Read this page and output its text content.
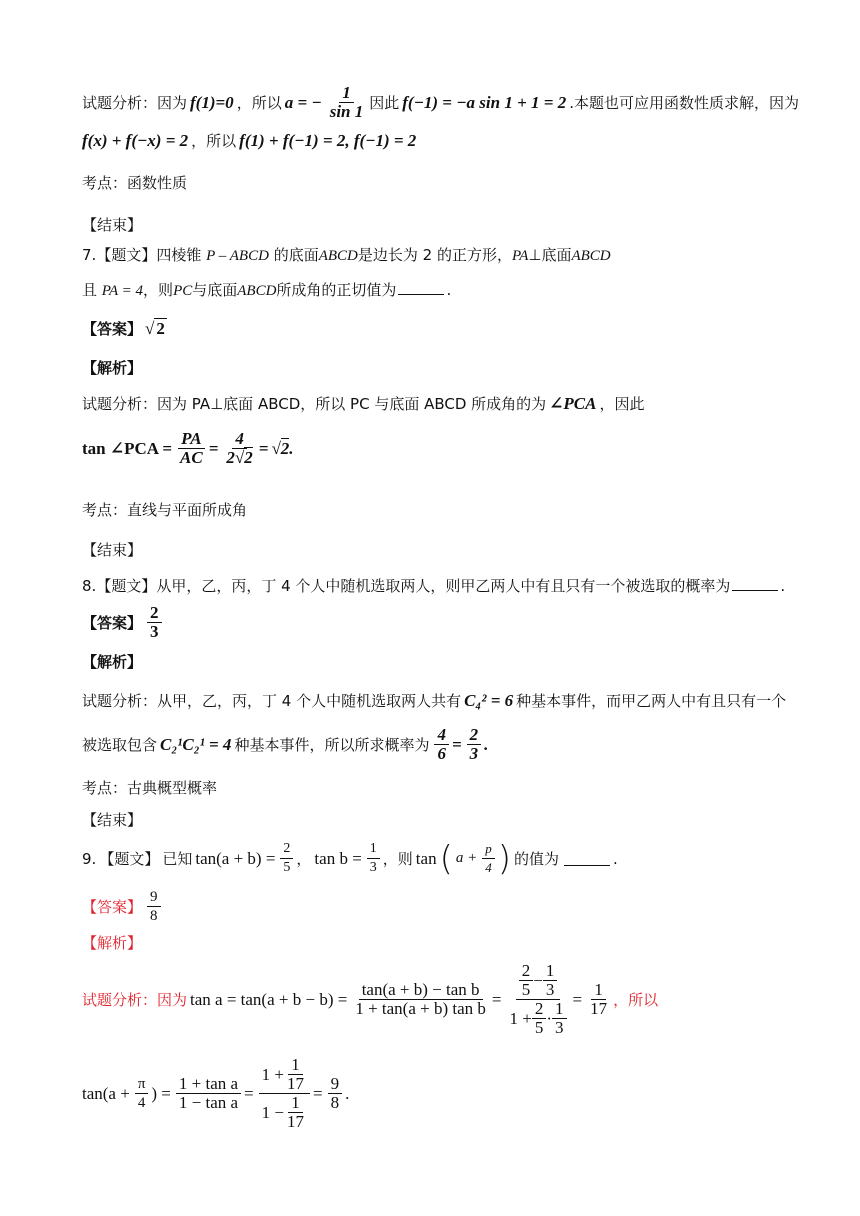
试题分析：因为 f(1)=0 ，所以 a = − $\frac{1}{\sin 1}$ 因此 f(−1) = −a sin 1 + 1 = 2 .本题也可应用函数性质求解，因为
f(x) + f(−x) = 2 ，所以 f(1) + f(−1) = 2, f(−1) = 2
考点：函数性质
【结束】
7.【题文】四棱锥 P – ABCD 的底面ABCD是边长为 2 的正方形，PA⊥底面ABCD
且 PA = 4，则PC与底面ABCD所成角的正切值为	.
【答案】 √ 2
【解析】
试题分析：因为 PA⊥底面 ABCD，所以 PC 与底面 ABCD 所成角的为 ∠PCA ，因此
tan ∠PCA = $\frac{PA}{AC} = \frac{4}{2√2} = √2$.
考点：直线与平面所成角
【结束】
8.【题文】从甲，乙，丙，丁 4 个人中随机选取两人，则甲乙两人中有且只有一个被选取的概率为	.
【答案】 $\frac{2}{3}$
【解析】
试题分析：从甲，乙，丙，丁 4 个人中随机选取两人共有 C₄² = 6 种基本事件，而甲乙两人中有且只有一个
被选取包含 C₂¹C₂¹ = 4 种基本事件，所以所求概率为 $\frac{4}{6} = \frac{2}{3}$ .
考点：古典概型概率
【结束】
9. 【题文】 已知 $\tan(a + b) = \frac{2}{5}$ ， $\tan b = \frac{1}{3}$ ，则 tan ( $a + \frac{p}{4}$ ) 的值为	.
【答案】 $\frac{9}{8}$
【解析】
试题分析：因为 $\tan a = \tan(a + b - b) = \frac{\text{tan(a + b) − tan b}}{\text{1 + tan(a + b) tan b}} = \frac{\frac{2}{5} - \frac{1}{3}}{1 + \frac{2}{5} \cdot \frac{1}{3}} = \frac{1}{17}$ ，所以
$\tan(a + \frac{\pi}{4}$ ) = $\frac{\text{1 + tan a}}{\text{1 − tan a}} = \frac{1 + \frac{1}{17}}{1 - \frac{1}{17}} = \frac{9}{8}$ .
